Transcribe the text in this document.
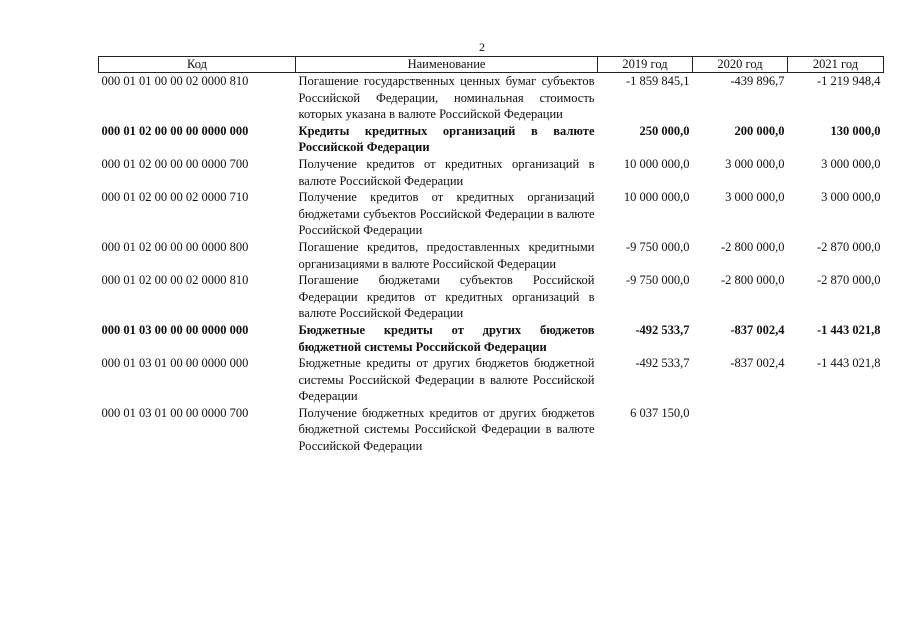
2
Код	Наименование	2019 год	2020 год	2021 год
000 01 01 00 00 02 0000 810	Погашение государственных ценных бумаг субъектов Российской Федерации, номинальная стоимость которых указана в валюте Российской Федерации	-1 859 845,1	-439 896,7	-1 219 948,4
000 01 02 00 00 00 0000 000	Кредиты кредитных организаций в валюте Российской Федерации	250 000,0	200 000,0	130 000,0
000 01 02 00 00 00 0000 700	Получение кредитов от кредитных организаций в валюте Российской Федерации	10 000 000,0	3 000 000,0	3 000 000,0
000 01 02 00 00 02 0000 710	Получение кредитов от кредитных организаций бюджетами субъектов Российской Федерации в валюте Российской Федерации	10 000 000,0	3 000 000,0	3 000 000,0
000 01 02 00 00 00 0000 800	Погашение кредитов, предоставленных кредитными организациями в валюте Российской Федерации	-9 750 000,0	-2 800 000,0	-2 870 000,0
000 01 02 00 00 02 0000 810	Погашение бюджетами субъектов Российской Федерации кредитов от кредитных организаций в валюте Российской Федерации	-9 750 000,0	-2 800 000,0	-2 870 000,0
000 01 03 00 00 00 0000 000	Бюджетные кредиты от других бюджетов бюджетной системы Российской Федерации	-492 533,7	-837 002,4	-1 443 021,8
000 01 03 01 00 00 0000 000	Бюджетные кредиты от других бюджетов бюджетной системы Российской Федерации в валюте Российской Федерации	-492 533,7	-837 002,4	-1 443 021,8
000 01 03 01 00 00 0000 700	Получение бюджетных кредитов от других бюджетов бюджетной системы Российской Федерации в валюте Российской Федерации	6 037 150,0		
